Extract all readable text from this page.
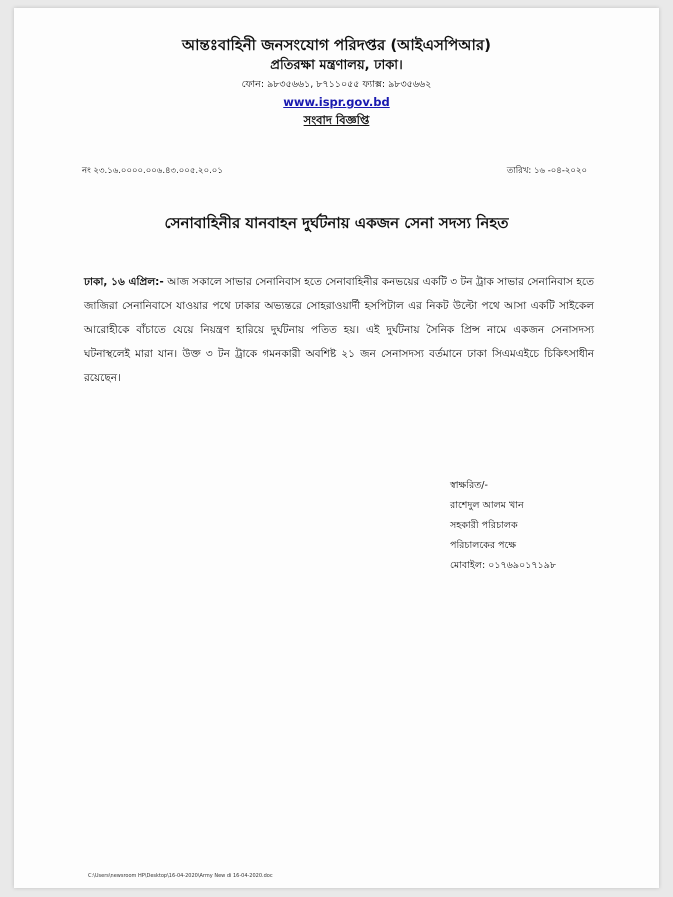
আন্তঃবাহিনী জনসংযোগ পরিদপ্তর (আইএসপিআর)
প্রতিরক্ষা মন্ত্রণালয়, ঢাকা।
ফোন: ৯৮৩৫৬৬১, ৮৭১১০৫৫ ফ্যাক্স: ৯৮৩৫৬৬২
www.ispr.gov.bd
সংবাদ বিজ্ঞপ্তি
নং ২৩.১৬.০০০০.০০৬.৪৩.০০৫.২০.০১	তারিখ: ১৬ -০৪-২০২০
সেনাবাহিনীর যানবাহন দুর্ঘটনায় একজন সেনা সদস্য নিহত
ঢাকা, ১৬ এপ্রিল:- আজ সকালে সাভার সেনানিবাস হতে সেনাবাহিনীর কনভয়ের একটি ৩ টন ট্রাক সাভার সেনানিবাস হতে জাজিরা সেনানিবাসে যাওয়ার পথে ঢাকার অভ্যন্তরে সোহরাওয়ার্দী হসপিটাল এর নিকট উল্টো পথে আসা একটি সাইকেল আরোহীকে বাঁচাতে যেয়ে নিয়ন্ত্রণ হারিয়ে দুর্ঘটনায় পতিত হয়। এই দুর্ঘটনায় সৈনিক প্রিন্স নামে একজন সেনাসদস্য ঘটনাস্থলেই মারা যান। উক্ত ৩ টন ট্রাকে গমনকারী অবশিষ্ট ২১ জন সেনাসদস্য বর্তমানে ঢাকা সিএমএইচে চিকিৎসাধীন রয়েছেন।
স্বাক্ষরিত/-
রাশেদুল আলম খান
সহকারী পরিচালক
পরিচালকের পক্ষে
মোবাইল: ০১৭৬৯০১৭১৯৮
C:\Users\newsroom HP\Desktop\16-04-2020\Army New di 16-04-2020.doc
